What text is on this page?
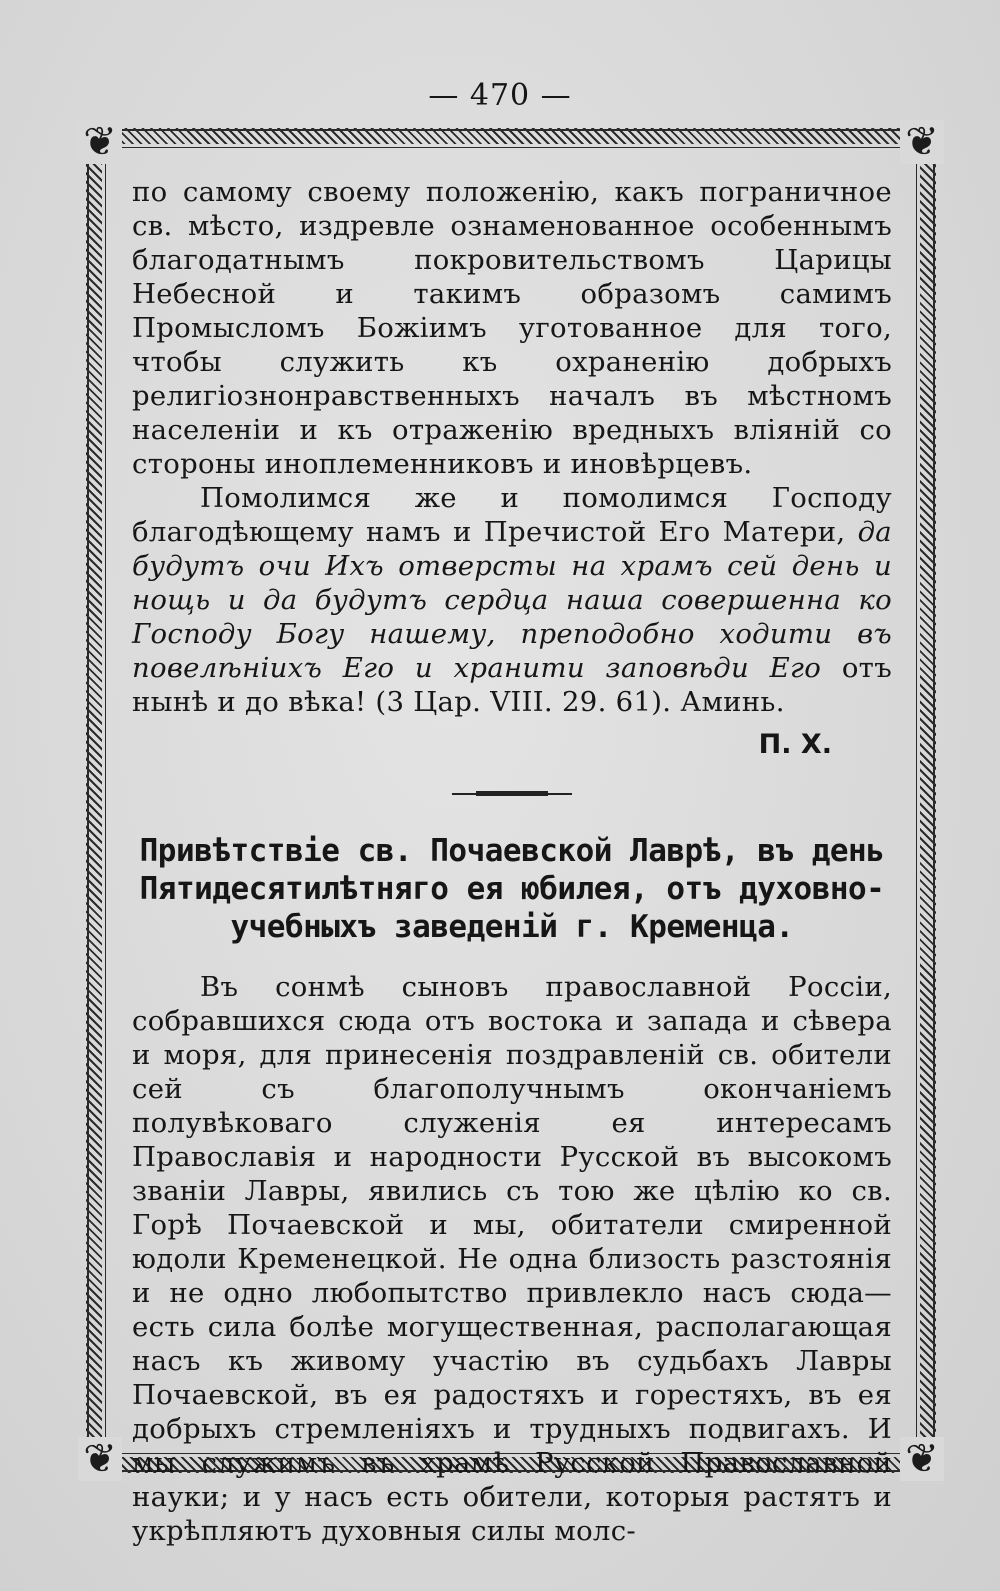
— 470 —
❦	❦
❦	❦

по самому своему положенію, какъ пограничное св. мѣсто, издревле ознаменованное особеннымъ благодатнымъ покровительствомъ Царицы Небесной и такимъ образомъ самимъ Промысломъ Божіимъ уготованное для того, чтобы служить къ охраненію добрыхъ религіознонравственныхъ началъ въ мѣстномъ населеніи и къ отраженію вредныхъ вліяній со стороны иноплеменниковъ и иновѣрцевъ.

Помолимся же и помолимся Господу благодѣющему намъ и Пречистой Его Матери, да будутъ очи Ихъ отверсты на храмъ сей день и нощь и да будутъ сердца наша совершенна ко Господу Богу нашему, преподобно ходити въ повелѣніихъ Его и хранити заповѣди Его отъ нынѣ и до вѣка! (3 Цар. VIII. 29. 61). Аминь.

П. Х.
Привѣтствіе св. Почаевской Лаврѣ, въ день Пятидесятилѣтняго ея юбилея, отъ духовно-учебныхъ заведеній г. Кременца.

Въ сонмѣ сыновъ православной Россіи, собравшихся сюда отъ востока и запада и сѣвера и моря, для принесенія поздравленій св. обители сей съ благополучнымъ окончаніемъ полувѣковаго служенія ея интересамъ Православія и народности Русской въ высокомъ званіи Лавры, явились съ тою же цѣлію ко св. Горѣ Почаевской и мы, обитатели смиренной юдоли Кременецкой. Не одна близость разстоянія и не одно любопытство привлекло насъ сюда—есть сила болѣе могущественная, располагающая насъ къ живому участію въ судьбахъ Лавры Почаевской, въ ея радостяхъ и горестяхъ, въ ея добрыхъ стремленіяхъ и трудныхъ подвигахъ. И мы служимъ въ храмѣ Русской Православной науки; и у насъ есть обители, которыя растятъ и укрѣпляютъ духовныя силы молс-
